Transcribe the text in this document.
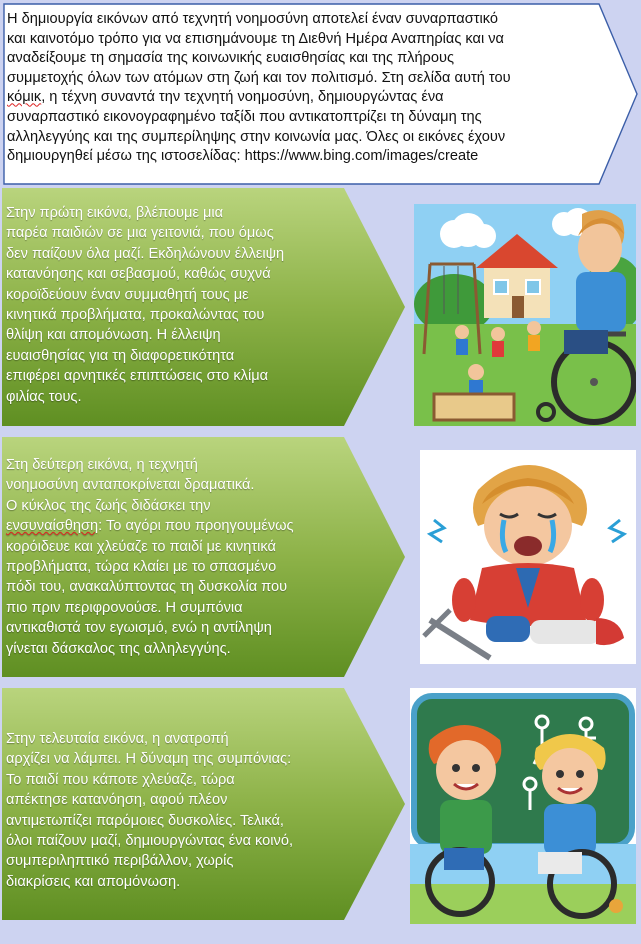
Η δημιουργία εικόνων από τεχνητή νοημοσύνη αποτελεί έναν συναρπαστικό
και καινοτόμο τρόπο για να επισημάνουμε τη Διεθνή Ημέρα Αναπηρίας και να
αναδείξουμε τη σημασία της κοινωνικής ευαισθησίας και της πλήρους
συμμετοχής όλων των ατόμων στη ζωή και τον πολιτισμό. Στη σελίδα αυτή του
κόμικ, η τέχνη συναντά την τεχνητή νοημοσύνη, δημιουργώντας ένα
συναρπαστικό εικονογραφημένο ταξίδι που αντικατοπτρίζει τη δύναμη της
αλληλεγγύης και της συμπερίληψης στην κοινωνία μας. Όλες οι εικόνες έχουν
δημιουργηθεί μέσω της ιστοσελίδας: https://www.bing.com/images/create
Στην πρώτη εικόνα, βλέπουμε μια
παρέα παιδιών σε μια γειτονιά, που όμως
δεν παίζουν όλα μαζί. Εκδηλώνουν έλλειψη
κατανόησης και σεβασμού, καθώς συχνά
κοροϊδεύουν έναν συμμαθητή τους με
κινητικά προβλήματα, προκαλώντας του
θλίψη και απομόνωση. Η έλλειψη
ευαισθησίας για τη διαφορετικότητα
επιφέρει αρνητικές επιπτώσεις στο κλίμα
φιλίας τους.
Στη δεύτερη εικόνα, η τεχνητή
νοημοσύνη ανταποκρίνεται δραματικά.
Ο κύκλος της ζωής διδάσκει την
ενσυναίσθηση: Το αγόρι που προηγουμένως
κορόιδευε και χλεύαζε το παιδί με κινητικά
προβλήματα, τώρα κλαίει με το σπασμένο
πόδι του, ανακαλύπτοντας τη δυσκολία που
πιο πριν περιφρονούσε. Η συμπόνια
αντικαθιστά τον εγωισμό, ενώ η αντίληψη
γίνεται δάσκαλος της αλληλεγγύης.
Στην τελευταία εικόνα, η ανατροπή
αρχίζει να λάμπει. Η δύναμη της συμπόνιας:
Το παιδί που κάποτε χλεύαζε, τώρα
απέκτησε κατανόηση, αφού πλέον
αντιμετωπίζει παρόμοιες δυσκολίες. Τελικά,
όλοι παίζουν μαζί, δημιουργώντας ένα κοινό,
συμπεριληπτικό περιβάλλον, χωρίς
διακρίσεις και απομόνωση.
